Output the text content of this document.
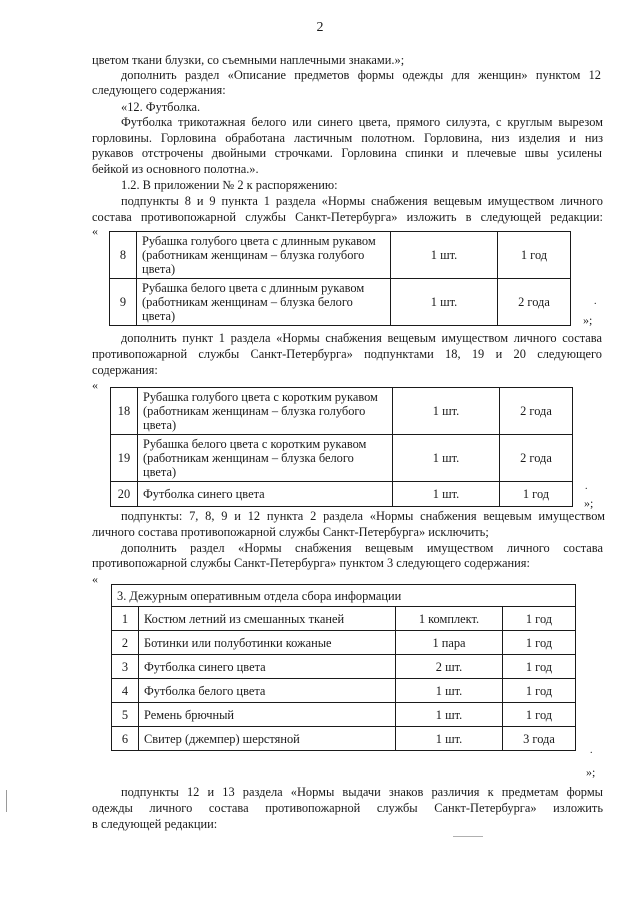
2
цветом ткани блузки, со съемными наплечными знаками.»;
дополнить раздел «Описание предметов формы одежды для женщин» пунктом 12
следующего содержания:
«12. Футболка.
Футболка трикотажная белого или синего цвета, прямого силуэта, с круглым вырезом
горловины. Горловина обработана ластичным полотном. Горловина, низ изделия и низ
рукавов отстрочены двойными строчками. Горловина спинки и плечевые швы усилены
бейкой из основного полотна.».
1.2. В приложении № 2 к распоряжению:
подпункты 8 и 9 пункта 1 раздела «Нормы снабжения вещевым имуществом личного
состава противопожарной службы Санкт-Петербурга» изложить в следующей редакции:
«
8	Рубашка голубого цвета с длинным рукавом
(работникам женщинам – блузка голубого цвета)	1 шт.	1 год
9	Рубашка белого цвета с длинным рукавом
(работникам женщинам – блузка белого цвета)	1 шт.	2 года	.
»;
дополнить пункт 1 раздела «Нормы снабжения вещевым имуществом личного состава
противопожарной службы Санкт-Петербурга» подпунктами 18, 19 и 20 следующего
содержания:
«
18	Рубашка голубого цвета с коротким рукавом
(работникам женщинам – блузка голубого цвета)	1 шт.	2 года
19	Рубашка белого цвета с коротким рукавом
(работникам женщинам – блузка белого цвета)	1 шт.	2 года
20	Футболка синего цвета	1 шт.	1 год
.
»;
подпункты: 7, 8, 9 и 12 пункта 2 раздела «Нормы снабжения вещевым имуществом
личного состава противопожарной службы Санкт-Петербурга» исключить;
дополнить раздел «Нормы снабжения вещевым имуществом личного состава
противопожарной службы Санкт-Петербурга» пунктом 3 следующего содержания:
«
3. Дежурным оперативным отдела сбора информации			
1	Костюм летний из смешанных тканей	1 комплект.	1 год
2	Ботинки или полуботинки кожаные	1 пара	1 год
3	Футболка синего цвета	2 шт.	1 год
4	Футболка белого цвета	1 шт.	1 год
5	Ремень брючный	1 шт.	1 год
6	Свитер (джемпер) шерстяной	1 шт.	3 года
.
»;
подпункты 12 и 13 раздела «Нормы выдачи знаков различия к предметам формы
одежды личного состава противопожарной службы Санкт-Петербурга» изложить
в следующей редакции:
